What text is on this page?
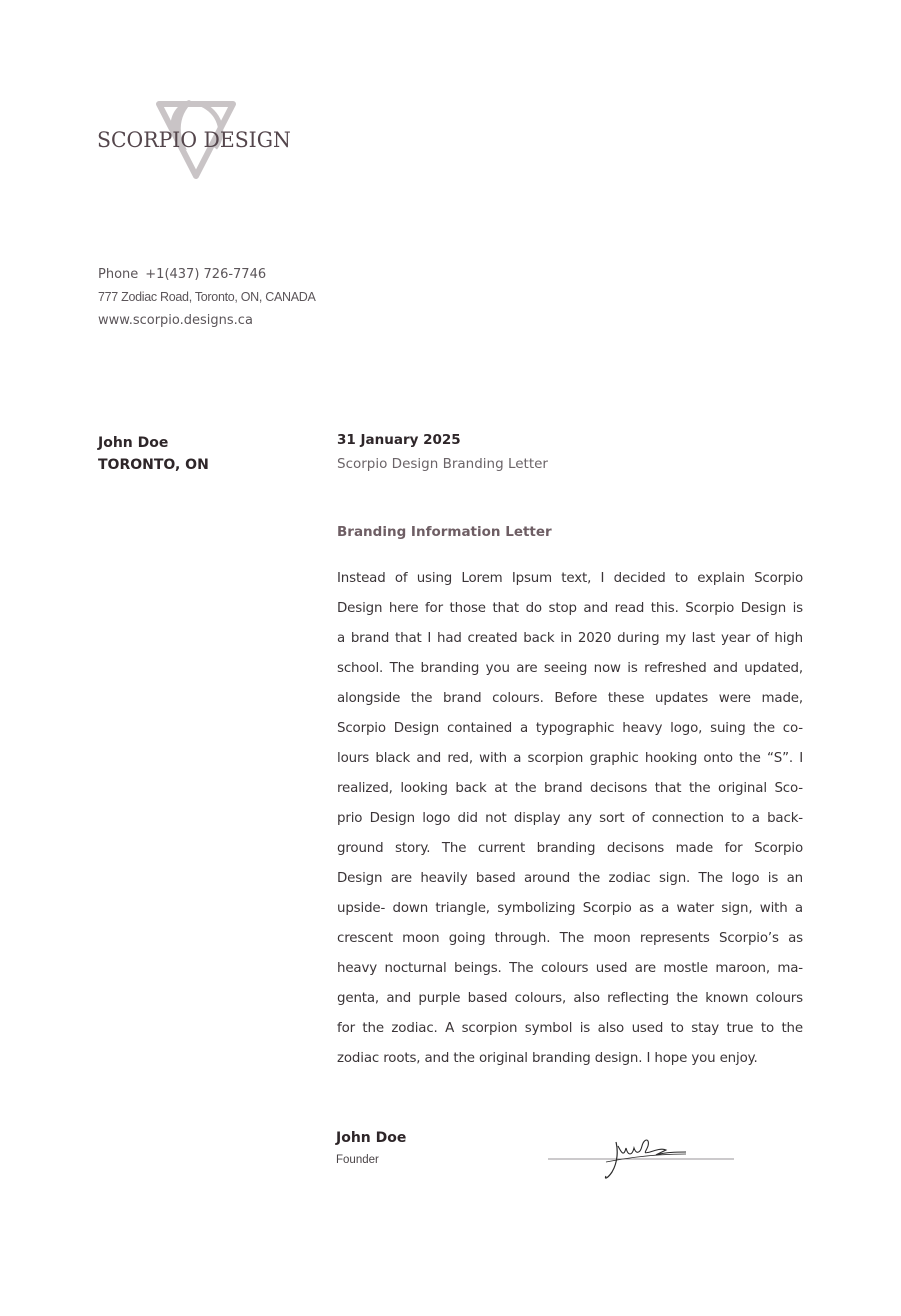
SCORPIO DESIGN
Phone +1(437) 726-7746
777 Zodiac Road, Toronto, ON, CANADA
www.scorpio.designs.ca
John Doe
TORONTO, ON
31 January 2025
Scorpio Design Branding Letter
Branding Information Letter
Instead of using Lorem Ipsum text, I decided to explain Scorpio
Design here for those that do stop and read this. Scorpio Design is
a brand that I had created back in 2020 during my last year of high
school. The branding you are seeing now is refreshed and updated,
alongside the brand colours. Before these updates were made,
Scorpio Design contained a typographic heavy logo, suing the co-
lours black and red, with a scorpion graphic hooking onto the “S”. I
realized, looking back at the brand decisons that the original Sco-
prio Design logo did not display any sort of connection to a back-
ground story. The current branding decisons made for Scorpio
Design are heavily based around the zodiac sign. The logo is an
upside- down triangle, symbolizing Scorpio as a water sign, with a
crescent moon going through. The moon represents Scorpio’s as
heavy nocturnal beings. The colours used are mostle maroon, ma-
genta, and purple based colours, also reflecting the known colours
for the zodiac. A scorpion symbol is also used to stay true to the
zodiac roots, and the original branding design. I hope you enjoy.
John Doe
Founder
